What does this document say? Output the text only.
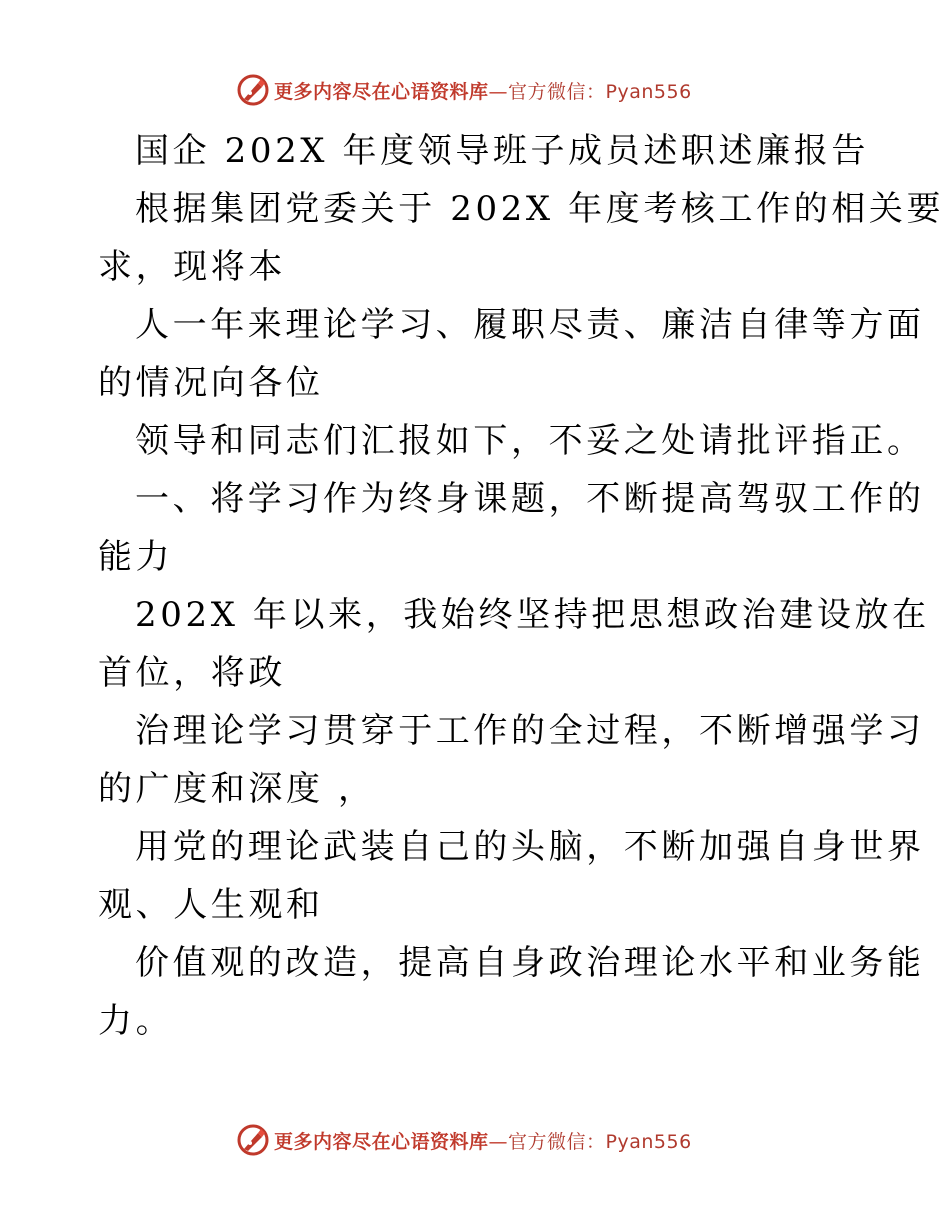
更多内容尽在心语资料库—官方微信：Pyan556
国企 202X 年度领导班子成员述职述廉报告
根据集团党委关于 202X 年度考核工作的相关要
求，现将本
人一年来理论学习、履职尽责、廉洁自律等方面
的情况向各位
领导和同志们汇报如下，不妥之处请批评指正。
一、将学习作为终身课题，不断提高驾驭工作的
能力
202X 年以来，我始终坚持把思想政治建设放在
首位，将政
治理论学习贯穿于工作的全过程，不断增强学习
的广度和深度 ，
用党的理论武装自己的头脑，不断加强自身世界
观、人生观和
价值观的改造，提高自身政治理论水平和业务能
力。
更多内容尽在心语资料库—官方微信：Pyan556
